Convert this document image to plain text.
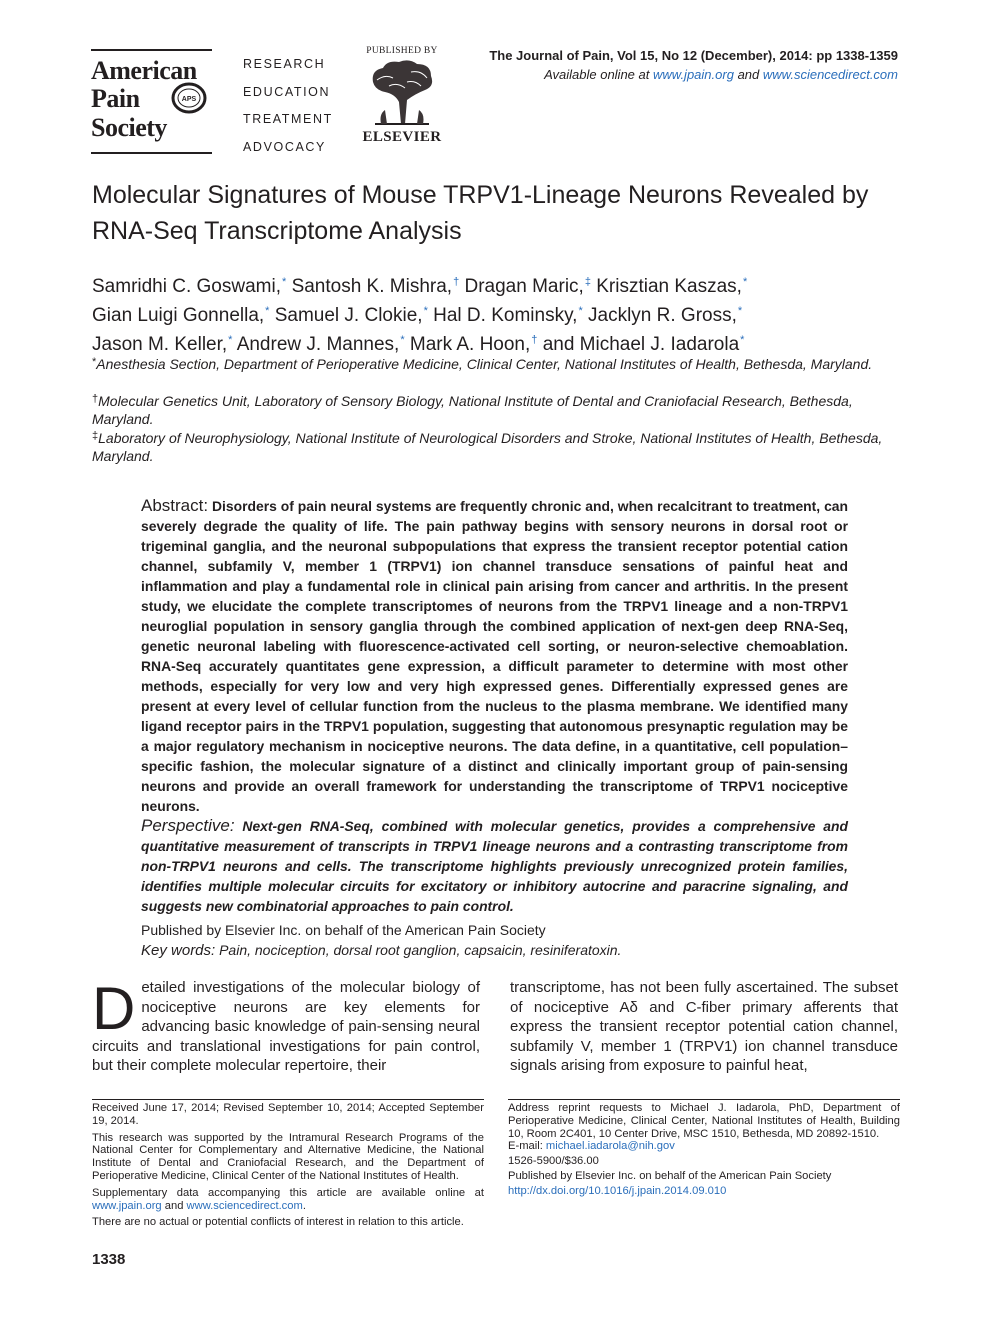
American
Pain
Society
APS
RESEARCH
EDUCATION
TREATMENT
ADVOCACY
PUBLISHED BY
ELSEVIER
The Journal of Pain, Vol 15, No 12 (December), 2014: pp 1338-1359
Available online at www.jpain.org and www.sciencedirect.com
Molecular Signatures of Mouse TRPV1-Lineage Neurons Revealed by RNA-Seq Transcriptome Analysis
Samridhi C. Goswami,* Santosh K. Mishra,† Dragan Maric,‡ Krisztian Kaszas,*
Gian Luigi Gonnella,* Samuel J. Clokie,* Hal D. Kominsky,* Jacklyn R. Gross,*
Jason M. Keller,* Andrew J. Mannes,* Mark A. Hoon,† and Michael J. Iadarola*
*Anesthesia Section, Department of Perioperative Medicine, Clinical Center, National Institutes of Health, Bethesda, Maryland.
†Molecular Genetics Unit, Laboratory of Sensory Biology, National Institute of Dental and Craniofacial Research, Bethesda, Maryland.
‡Laboratory of Neurophysiology, National Institute of Neurological Disorders and Stroke, National Institutes of Health, Bethesda, Maryland.
Abstract: Disorders of pain neural systems are frequently chronic and, when recalcitrant to treatment, can severely degrade the quality of life. The pain pathway begins with sensory neurons in dorsal root or trigeminal ganglia, and the neuronal subpopulations that express the transient receptor potential cation channel, subfamily V, member 1 (TRPV1) ion channel transduce sensations of painful heat and inflammation and play a fundamental role in clinical pain arising from cancer and arthritis. In the present study, we elucidate the complete transcriptomes of neurons from the TRPV1 lineage and a non-TRPV1 neuroglial population in sensory ganglia through the combined application of next-gen deep RNA-Seq, genetic neuronal labeling with fluorescence-activated cell sorting, or neuron-selective chemoablation. RNA-Seq accurately quantitates gene expression, a difficult parameter to determine with most other methods, especially for very low and very high expressed genes. Differentially expressed genes are present at every level of cellular function from the nucleus to the plasma membrane. We identified many ligand receptor pairs in the TRPV1 population, suggesting that autonomous presynaptic regulation may be a major regulatory mechanism in nociceptive neurons. The data define, in a quantitative, cell population–specific fashion, the molecular signature of a distinct and clinically important group of pain-sensing neurons and provide an overall framework for understanding the transcriptome of TRPV1 nociceptive neurons.
Perspective: Next-gen RNA-Seq, combined with molecular genetics, provides a comprehensive and quantitative measurement of transcripts in TRPV1 lineage neurons and a contrasting transcriptome from non-TRPV1 neurons and cells. The transcriptome highlights previously unrecognized protein families, identifies multiple molecular circuits for excitatory or inhibitory autocrine and paracrine signaling, and suggests new combinatorial approaches to pain control.
Published by Elsevier Inc. on behalf of the American Pain Society
Key words: Pain, nociception, dorsal root ganglion, capsaicin, resiniferatoxin.
Detailed investigations of the molecular biology of nociceptive neurons are key elements for advancing basic knowledge of pain-sensing neural circuits and translational investigations for pain control, but their complete molecular repertoire, their
transcriptome, has not been fully ascertained. The subset of nociceptive Aδ and C-fiber primary afferents that express the transient receptor potential cation channel, subfamily V, member 1 (TRPV1) ion channel transduce signals arising from exposure to painful heat,

Received June 17, 2014; Revised September 10, 2014; Accepted September 19, 2014.

This research was supported by the Intramural Research Programs of the National Center for Complementary and Alternative Medicine, the National Institute of Dental and Craniofacial Research, and the Department of Perioperative Medicine, Clinical Center of the National Institutes of Health.

Supplementary data accompanying this article are available online at www.jpain.org and www.sciencedirect.com.

There are no actual or potential conflicts of interest in relation to this article.

Address reprint requests to Michael J. Iadarola, PhD, Department of Perioperative Medicine, Clinical Center, National Institutes of Health, Building 10, Room 2C401, 10 Center Drive, MSC 1510, Bethesda, MD 20892-1510.
E-mail: michael.iadarola@nih.gov

1526-5900/$36.00

Published by Elsevier Inc. on behalf of the American Pain Society

http://dx.doi.org/10.1016/j.jpain.2014.09.010

1338
